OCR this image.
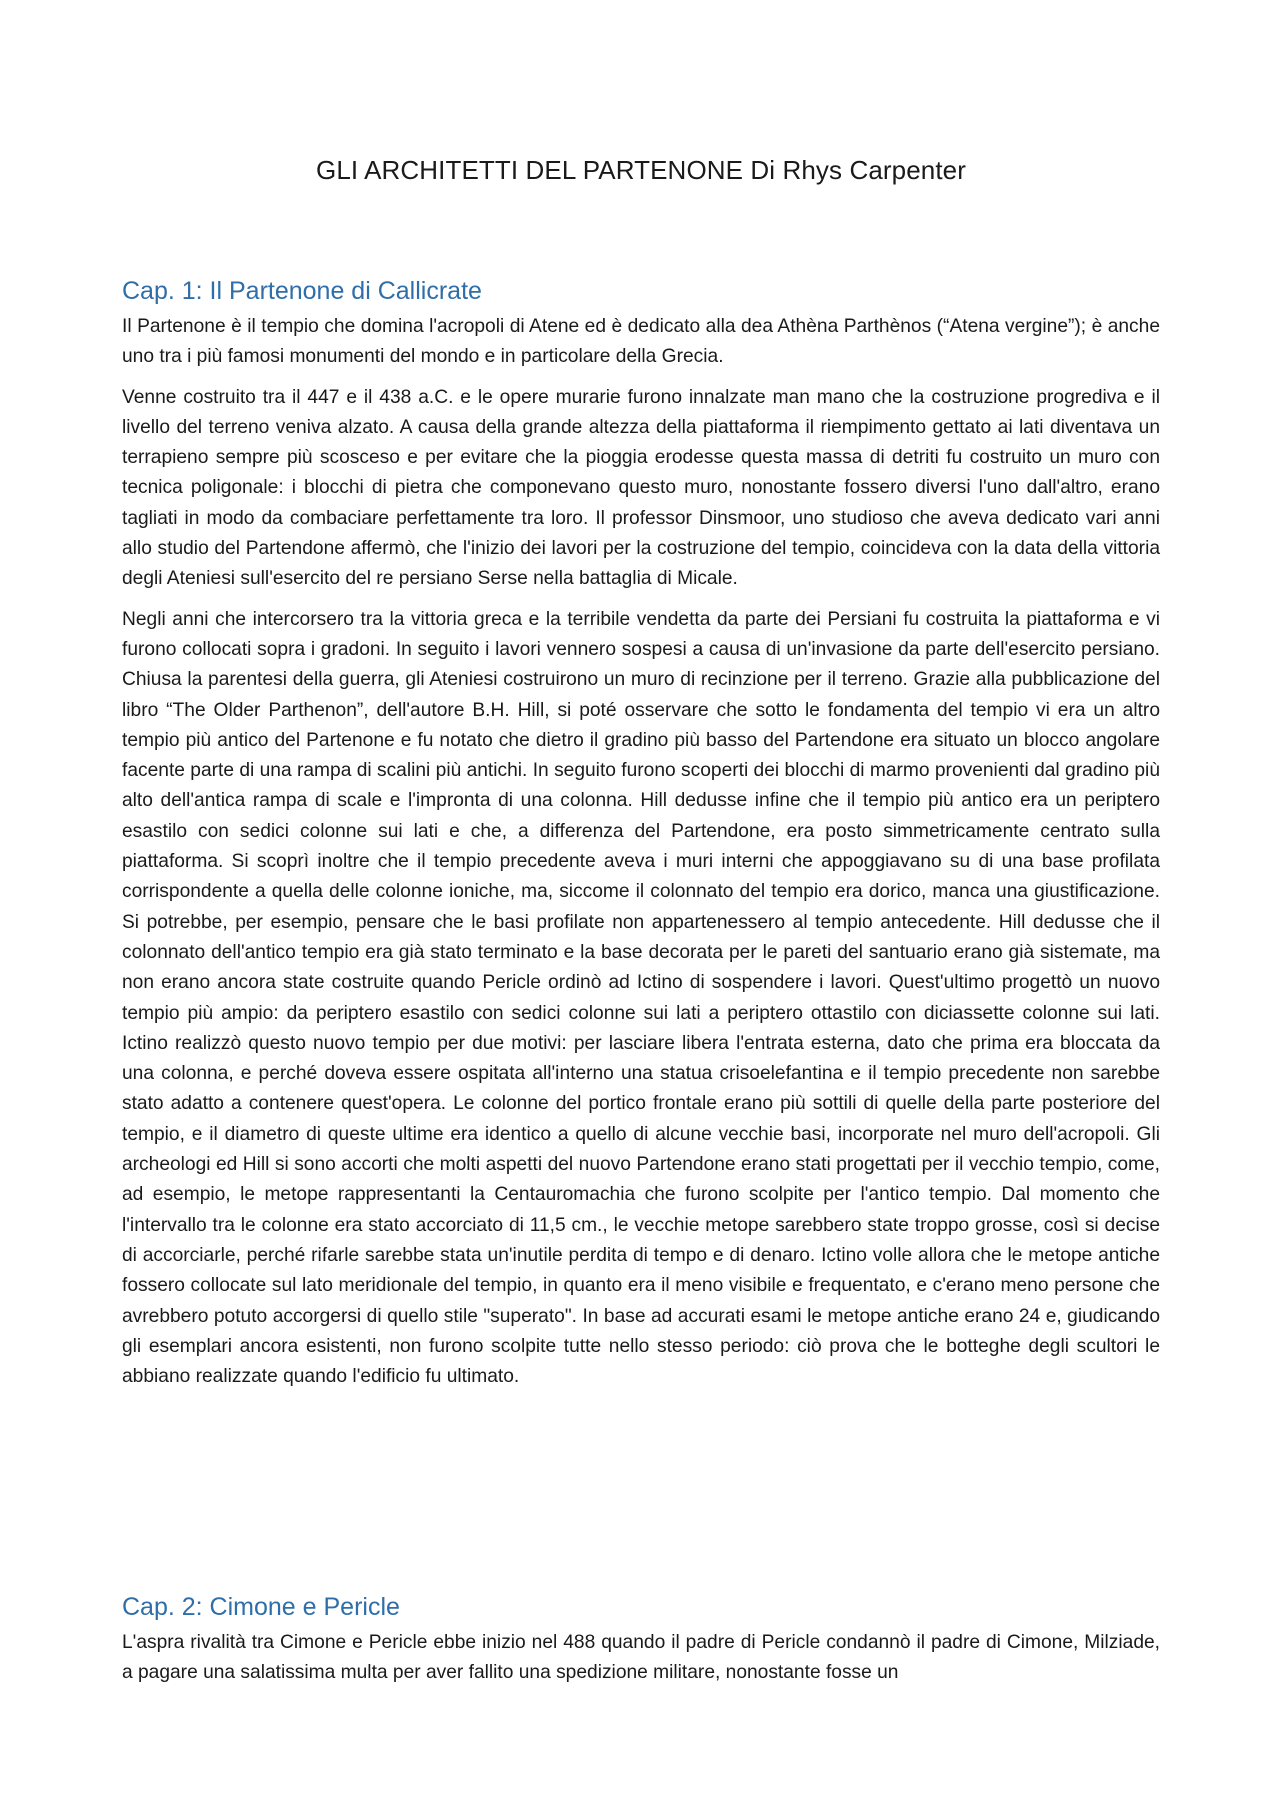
GLI ARCHITETTI DEL PARTENONE Di Rhys Carpenter
Cap. 1: Il Partenone di Callicrate

Il Partenone è il tempio che domina l'acropoli di Atene ed è dedicato alla dea Athèna Parthènos (“Atena vergine”); è anche uno tra i più famosi monumenti del mondo e in particolare della Grecia.

Venne costruito tra il 447 e il 438 a.C. e le opere murarie furono innalzate man mano che la costruzione progrediva e il livello del terreno veniva alzato. A causa della grande altezza della piattaforma il riempimento gettato ai lati diventava un terrapieno sempre più scosceso e per evitare che la pioggia erodesse questa massa di detriti fu costruito un muro con tecnica poligonale: i blocchi di pietra che componevano questo muro, nonostante fossero diversi l'uno dall'altro, erano tagliati in modo da combaciare perfettamente tra loro. Il professor Dinsmoor, uno studioso che aveva dedicato vari anni allo studio del Partendone affermò, che l'inizio dei lavori per la costruzione del tempio, coincideva con la data della vittoria degli Ateniesi sull'esercito del re persiano Serse nella battaglia di Micale.

Negli anni che intercorsero tra la vittoria greca e la terribile vendetta da parte dei Persiani fu costruita la piattaforma e vi furono collocati sopra i gradoni. In seguito i lavori vennero sospesi a causa di un'invasione da parte dell'esercito persiano. Chiusa la parentesi della guerra, gli Ateniesi costruirono un muro di recinzione per il terreno. Grazie alla pubblicazione del libro “The Older Parthenon”, dell'autore B.H. Hill, si poté osservare che sotto le fondamenta del tempio vi era un altro tempio più antico del Partenone e fu notato che dietro il gradino più basso del Partendone era situato un blocco angolare facente parte di una rampa di scalini più antichi. In seguito furono scoperti dei blocchi di marmo provenienti dal gradino più alto dell'antica rampa di scale e l'impronta di una colonna. Hill dedusse infine che il tempio più antico era un periptero esastilo con sedici colonne sui lati e che, a differenza del Partendone, era posto simmetricamente centrato sulla piattaforma. Si scoprì inoltre che il tempio precedente aveva i muri interni che appoggiavano su di una base profilata corrispondente a quella delle colonne ioniche, ma, siccome il colonnato del tempio era dorico, manca una giustificazione. Si potrebbe, per esempio, pensare che le basi profilate non appartenessero al tempio antecedente. Hill dedusse che il colonnato dell'antico tempio era già stato terminato e la base decorata per le pareti del santuario erano già sistemate, ma non erano ancora state costruite quando Pericle ordinò ad Ictino di sospendere i lavori. Quest'ultimo progettò un nuovo tempio più ampio: da periptero esastilo con sedici colonne sui lati a periptero ottastilo con diciassette colonne sui lati. Ictino realizzò questo nuovo tempio per due motivi: per lasciare libera l'entrata esterna, dato che prima era bloccata da una colonna, e perché doveva essere ospitata all'interno una statua crisoelefantina e il tempio precedente non sarebbe stato adatto a contenere quest'opera. Le colonne del portico frontale erano più sottili di quelle della parte posteriore del tempio, e il diametro di queste ultime era identico a quello di alcune vecchie basi, incorporate nel muro dell'acropoli. Gli archeologi ed Hill si sono accorti che molti aspetti del nuovo Partendone erano stati progettati per il vecchio tempio, come, ad esempio, le metope rappresentanti la Centauromachia che furono scolpite per l'antico tempio. Dal momento che l'intervallo tra le colonne era stato accorciato di 11,5 cm., le vecchie metope sarebbero state troppo grosse, così si decise di accorciarle, perché rifarle sarebbe stata un'inutile perdita di tempo e di denaro. Ictino volle allora che le metope antiche fossero collocate sul lato meridionale del tempio, in quanto era il meno visibile e frequentato, e c'erano meno persone che avrebbero potuto accorgersi di quello stile "superato". In base ad accurati esami le metope antiche erano 24 e, giudicando gli esemplari ancora esistenti, non furono scolpite tutte nello stesso periodo: ciò prova che le botteghe degli scultori le abbiano realizzate quando l'edificio fu ultimato.

Cap. 2: Cimone e Pericle

L'aspra rivalità tra Cimone e Pericle ebbe inizio nel 488 quando il padre di Pericle condannò il padre di Cimone, Milziade, a pagare una salatissima multa per aver fallito una spedizione militare, nonostante fosse un
